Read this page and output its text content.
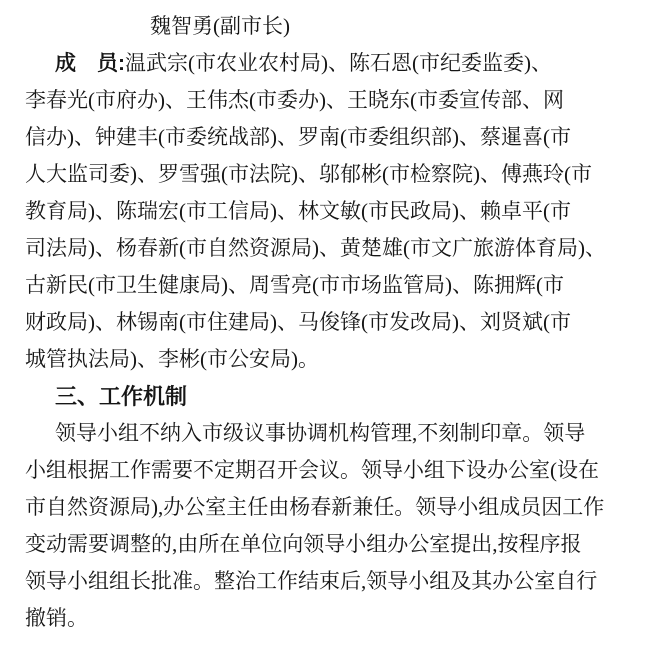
魏智勇(副市长)
成　员:温武宗(市农业农村局)、陈石恩(市纪委监委)、
李春光(市府办)、王伟杰(市委办)、王晓东(市委宣传部、网
信办)、钟建丰(市委统战部)、罗南(市委组织部)、蔡暹喜(市
人大监司委)、罗雪强(市法院)、邬郁彬(市检察院)、傅燕玲(市
教育局)、陈瑞宏(市工信局)、林文敏(市民政局)、赖卓平(市
司法局)、杨春新(市自然资源局)、黄楚雄(市文广旅游体育局)、
古新民(市卫生健康局)、周雪亮(市市场监管局)、陈拥辉(市
财政局)、林锡南(市住建局)、马俊锋(市发改局)、刘贤斌(市
城管执法局)、李彬(市公安局)。
三、工作机制
领导小组不纳入市级议事协调机构管理,不刻制印章。领导
小组根据工作需要不定期召开会议。领导小组下设办公室(设在
市自然资源局),办公室主任由杨春新兼任。领导小组成员因工作
变动需要调整的,由所在单位向领导小组办公室提出,按程序报
领导小组组长批准。整治工作结束后,领导小组及其办公室自行
撤销。
